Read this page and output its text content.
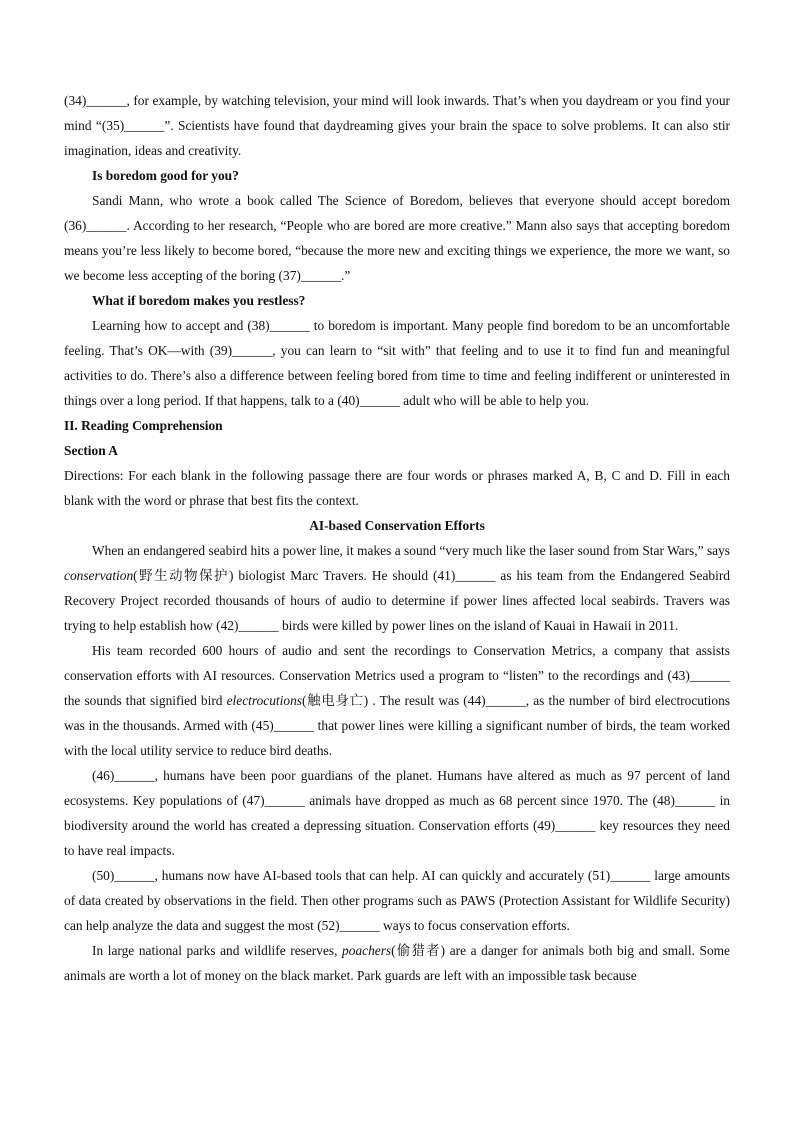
(34)______, for example, by watching television, your mind will look inwards. That’s when you daydream or you find your mind “(35)______”. Scientists have found that daydreaming gives your brain the space to solve problems. It can also stir imagination, ideas and creativity.

Is boredom good for you?

Sandi Mann, who wrote a book called The Science of Boredom, believes that everyone should accept boredom (36)______. According to her research, “People who are bored are more creative.” Mann also says that accepting boredom means you’re less likely to become bored, “because the more new and exciting things we experience, the more we want, so we become less accepting of the boring (37)______.”

What if boredom makes you restless?

Learning how to accept and (38)______ to boredom is important. Many people find boredom to be an uncomfortable feeling. That’s OK—with (39)______, you can learn to “sit with” that feeling and to use it to find fun and meaningful activities to do. There’s also a difference between feeling bored from time to time and feeling indifferent or uninterested in things over a long period. If that happens, talk to a (40)______ adult who will be able to help you.

II. Reading Comprehension

Section A

Directions: For each blank in the following passage there are four words or phrases marked A, B, C and D. Fill in each blank with the word or phrase that best fits the context.

AI-based Conservation Efforts

When an endangered seabird hits a power line, it makes a sound “very much like the laser sound from Star Wars,” says conservation(野生动物保护) biologist Marc Travers. He should (41)______ as his team from the Endangered Seabird Recovery Project recorded thousands of hours of audio to determine if power lines affected local seabirds. Travers was trying to help establish how (42)______ birds were killed by power lines on the island of Kauai in Hawaii in 2011.

His team recorded 600 hours of audio and sent the recordings to Conservation Metrics, a company that assists conservation efforts with AI resources. Conservation Metrics used a program to “listen” to the recordings and (43)______ the sounds that signified bird electrocutions(触电身亡) . The result was (44)______, as the number of bird electrocutions was in the thousands. Armed with (45)______ that power lines were killing a significant number of birds, the team worked with the local utility service to reduce bird deaths.

(46)______, humans have been poor guardians of the planet. Humans have altered as much as 97 percent of land ecosystems. Key populations of (47)______ animals have dropped as much as 68 percent since 1970. The (48)______ in biodiversity around the world has created a depressing situation. Conservation efforts (49)______ key resources they need to have real impacts.

(50)______, humans now have AI-based tools that can help. AI can quickly and accurately (51)______ large amounts of data created by observations in the field. Then other programs such as PAWS (Protection Assistant for Wildlife Security) can help analyze the data and suggest the most (52)______ ways to focus conservation efforts.

In large national parks and wildlife reserves, poachers(偷猎者) are a danger for animals both big and small. Some animals are worth a lot of money on the black market. Park guards are left with an impossible task because
